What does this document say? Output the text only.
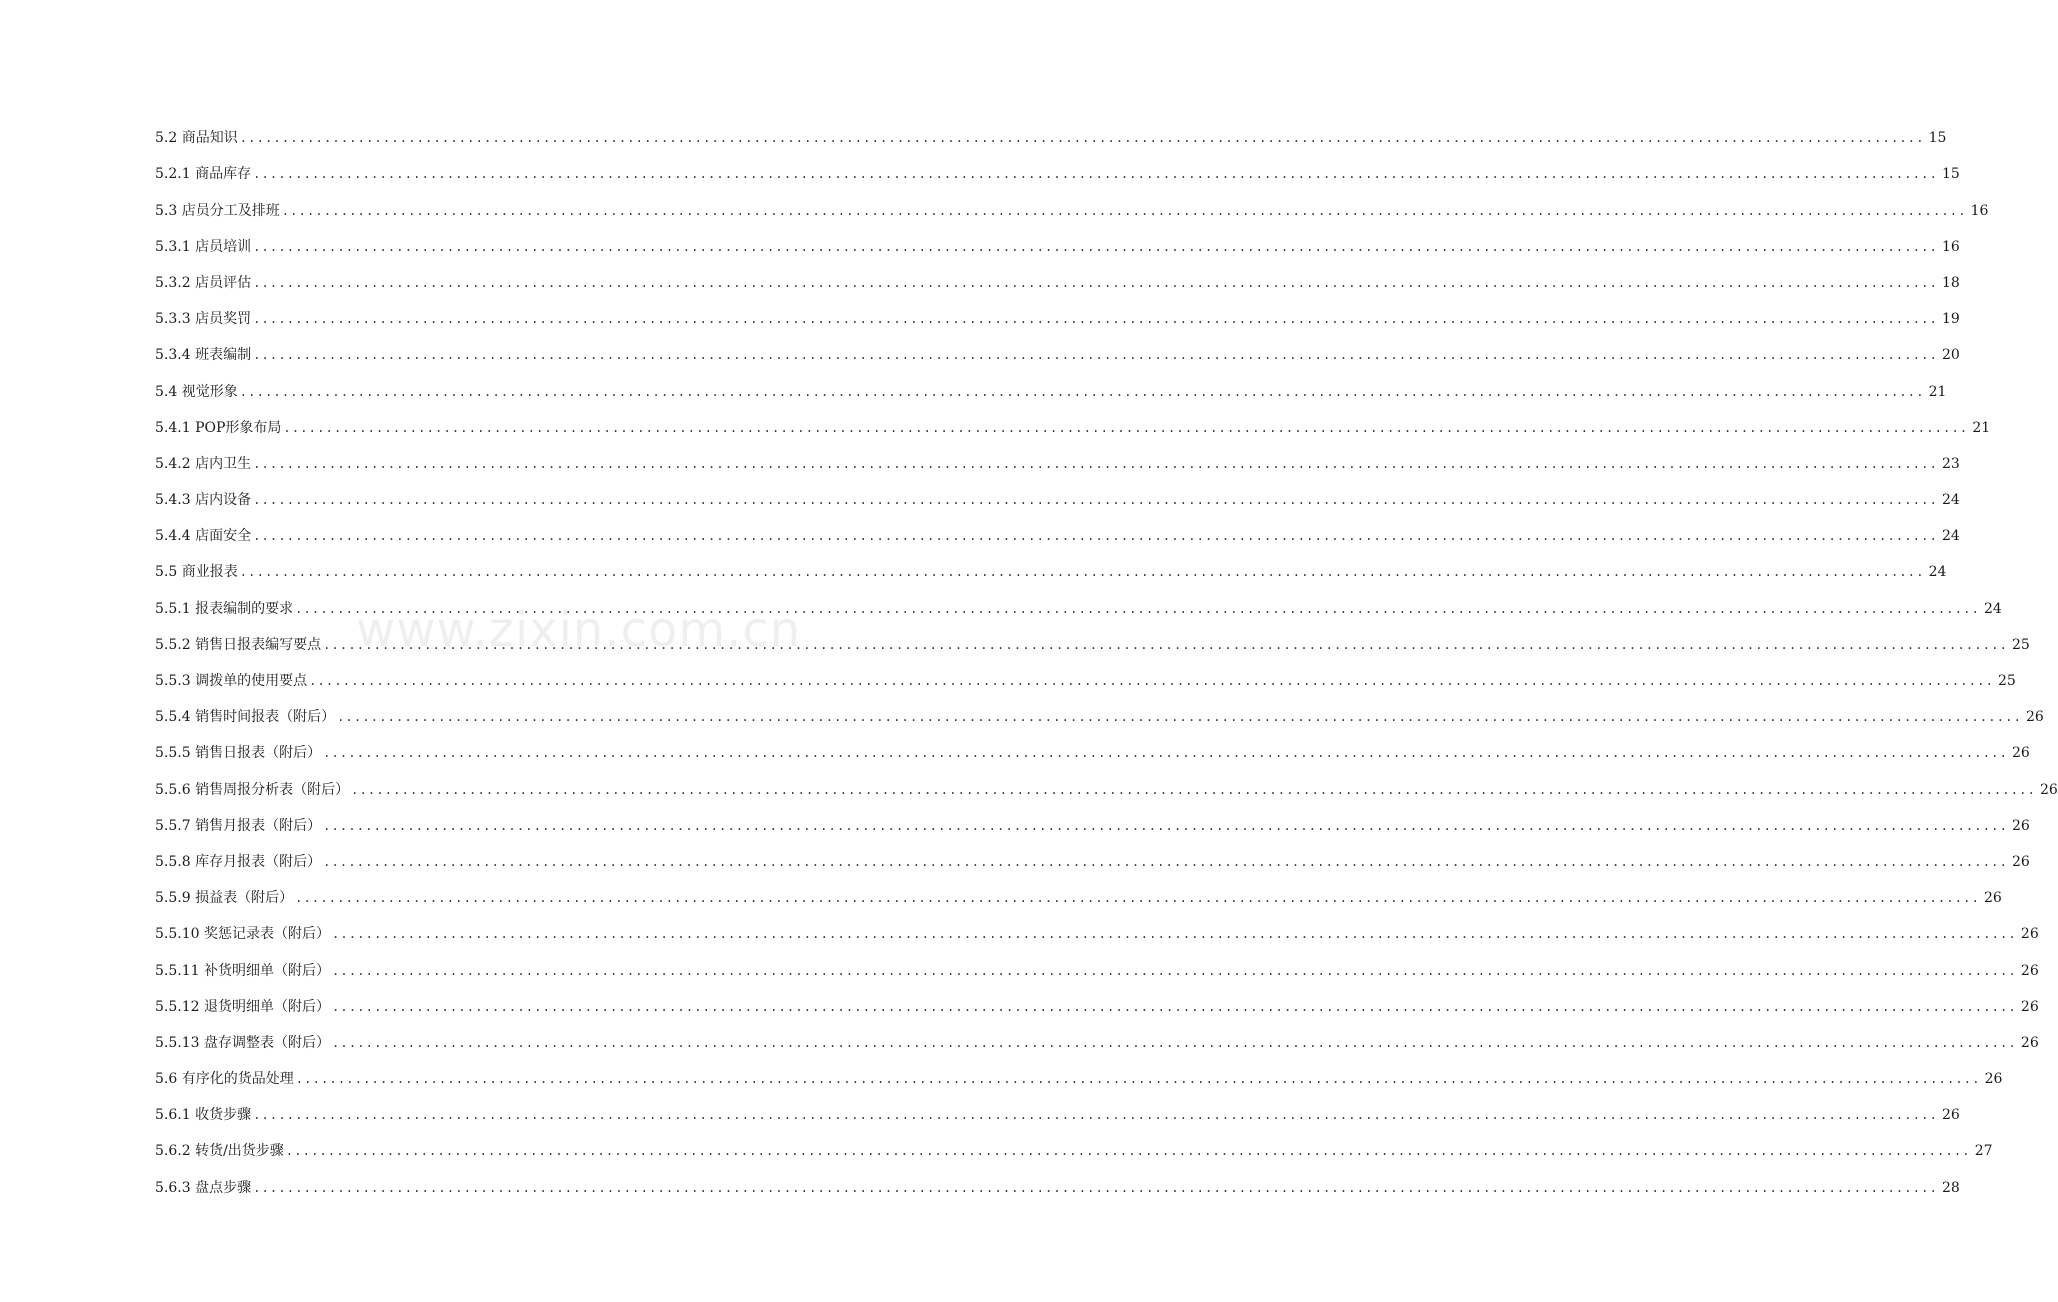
5.2 商品知识 ........................................................................................................................................................................................................ 15
5.2.1 商品库存 ........................................................................................................................................................................................................ 15
5.3 店员分工及排班 ........................................................................................................................................................................................................ 16
5.3.1 店员培训 ........................................................................................................................................................................................................ 16
5.3.2 店员评估 ........................................................................................................................................................................................................ 18
5.3.3 店员奖罚 ........................................................................................................................................................................................................ 19
5.3.4 班表编制 ........................................................................................................................................................................................................ 20
5.4 视觉形象 ........................................................................................................................................................................................................ 21
5.4.1 POP形象布局 ........................................................................................................................................................................................................ 21
5.4.2 店内卫生 ........................................................................................................................................................................................................ 23
5.4.3 店内设备 ........................................................................................................................................................................................................ 24
5.4.4 店面安全 ........................................................................................................................................................................................................ 24
5.5 商业报表 ........................................................................................................................................................................................................ 24
5.5.1 报表编制的要求 ........................................................................................................................................................................................................ 24
5.5.2 销售日报表编写要点 ........................................................................................................................................................................................................ 25
5.5.3 调拨单的使用要点 ........................................................................................................................................................................................................ 25
5.5.4 销售时间报表（附后） ........................................................................................................................................................................................................ 26
5.5.5 销售日报表（附后） ........................................................................................................................................................................................................ 26
5.5.6 销售周报分析表（附后） ........................................................................................................................................................................................................ 26
5.5.7 销售月报表（附后） ........................................................................................................................................................................................................ 26
5.5.8 库存月报表（附后） ........................................................................................................................................................................................................ 26
5.5.9 损益表（附后） ........................................................................................................................................................................................................ 26
5.5.10 奖惩记录表（附后） ........................................................................................................................................................................................................ 26
5.5.11 补货明细单（附后） ........................................................................................................................................................................................................ 26
5.5.12 退货明细单（附后） ........................................................................................................................................................................................................ 26
5.5.13 盘存调整表（附后） ........................................................................................................................................................................................................ 26
5.6 有序化的货品处理 ........................................................................................................................................................................................................ 26
5.6.1 收货步骤 ........................................................................................................................................................................................................ 26
5.6.2 转货/出货步骤 ........................................................................................................................................................................................................ 27
5.6.3 盘点步骤 ........................................................................................................................................................................................................ 28
www.zixin.com.cn
